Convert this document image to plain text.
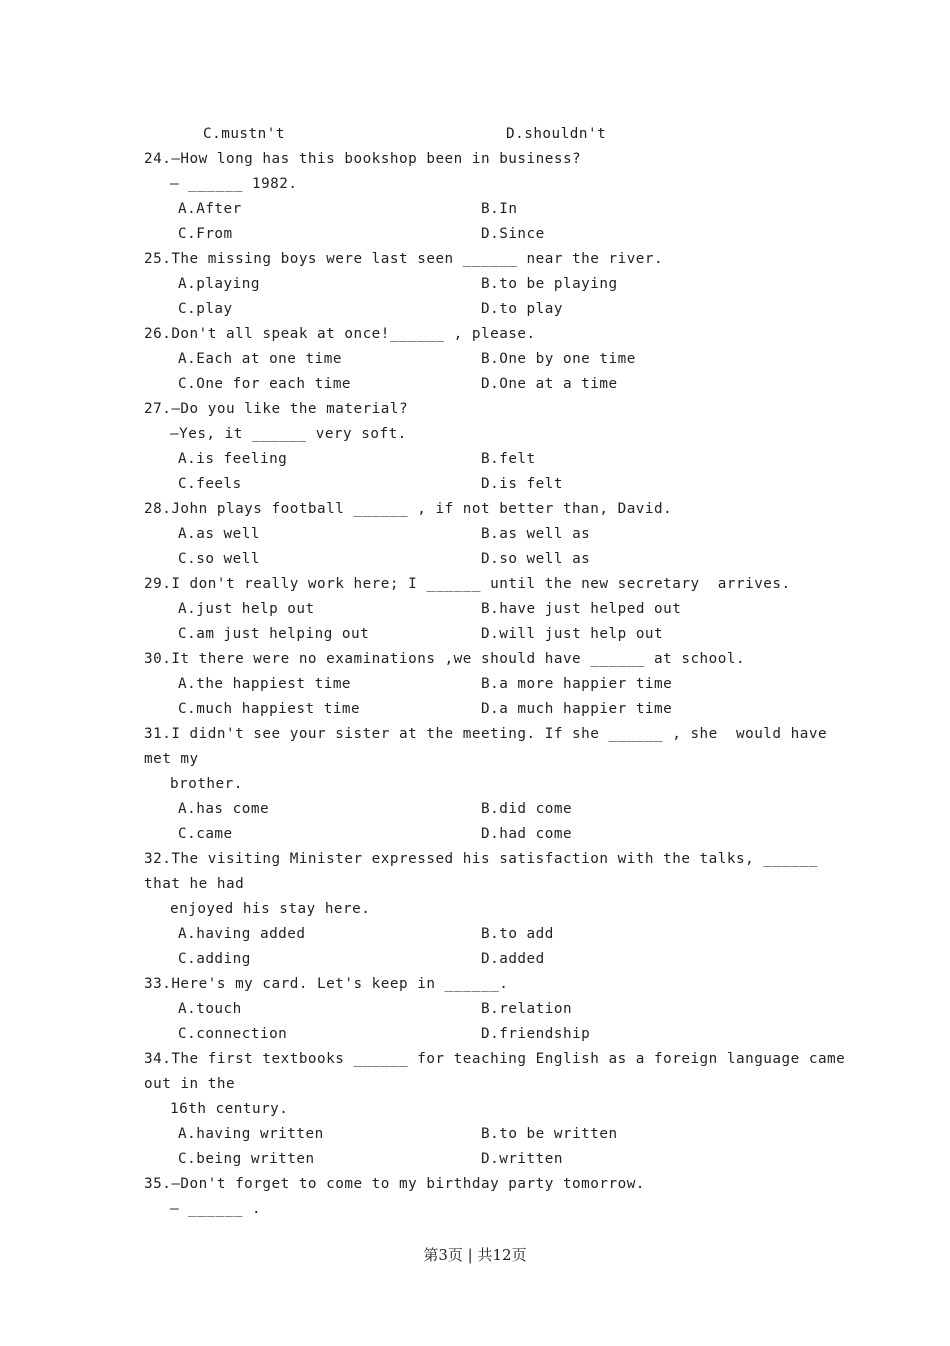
C.mustn't	D.shouldn't
24.—How long has this bookshop been in business?
— ______ 1982.
A.After	B.In
C.From	D.Since
25.The missing boys were last seen ______ near the river.
A.playing	B.to be playing
C.play	D.to play
26.Don't all speak at once!______ , please.
A.Each at one time	B.One by one time
C.One for each time	D.One at a time
27.—Do you like the material?
—Yes, it ______ very soft.
A.is feeling	B.felt
C.feels	D.is felt
28.John plays football ______ , if not better than, David.
A.as well	B.as well as
C.so well	D.so well as
29.I don't really work here; I ______ until the new secretary  arrives.
A.just help out	B.have just helped out
C.am just helping out	D.will just help out
30.It there were no examinations ,we should have ______ at school.
A.the happiest time	B.a more happier time
C.much happiest time	D.a much happier time
31.I didn't see your sister at the meeting. If she ______ , she  would have
met my
brother.
A.has come	B.did come
C.came	D.had come
32.The visiting Minister expressed his satisfaction with the talks, ______
that he had
enjoyed his stay here.
A.having added	B.to add
C.adding	D.added
33.Here's my card. Let's keep in ______.
A.touch	B.relation
C.connection	D.friendship
34.The first textbooks ______ for teaching English as a foreign language came
out in the
16th century.
A.having written	B.to be written
C.being written	D.written
35.—Don't forget to come to my birthday party tomorrow.
— ______ .
第3页 | 共12页
